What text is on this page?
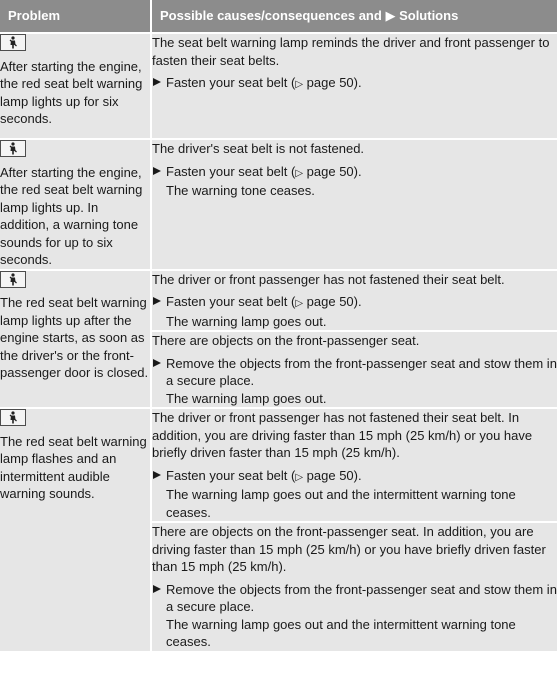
Problem	Possible causes/consequences and ▶ Solutions

After starting the engine, the red seat belt warning lamp lights up for six seconds.	The seat belt warning lamp reminds the driver and front passenger to fasten their seat belts.

Fasten your seat belt (▷ page 50).

After starting the engine, the red seat belt warning lamp lights up. In addition, a warning tone sounds for up to six seconds.	The driver's seat belt is not fastened.

Fasten your seat belt (▷ page 50).
The warning tone ceases.

The red seat belt warning lamp lights up after the engine starts, as soon as the driver's or the front-passenger door is closed.	The driver or front passenger has not fastened their seat belt.

Fasten your seat belt (▷ page 50).
The warning lamp goes out.

	There are objects on the front-passenger seat.

Remove the objects from the front-passenger seat and stow them in a secure place.
The warning lamp goes out.

The red seat belt warning lamp flashes and an intermittent audible warning sounds.	The driver or front passenger has not fastened their seat belt. In addition, you are driving faster than 15 mph (25 km/h) or you have briefly driven faster than 15 mph (25 km/h).

Fasten your seat belt (▷ page 50).
The warning lamp goes out and the intermittent warning tone ceases.

	There are objects on the front-passenger seat. In addition, you are driving faster than 15 mph (25 km/h) or you have briefly driven faster than 15 mph (25 km/h).

Remove the objects from the front-passenger seat and stow them in a secure place.
The warning lamp goes out and the intermittent warning tone ceases.
